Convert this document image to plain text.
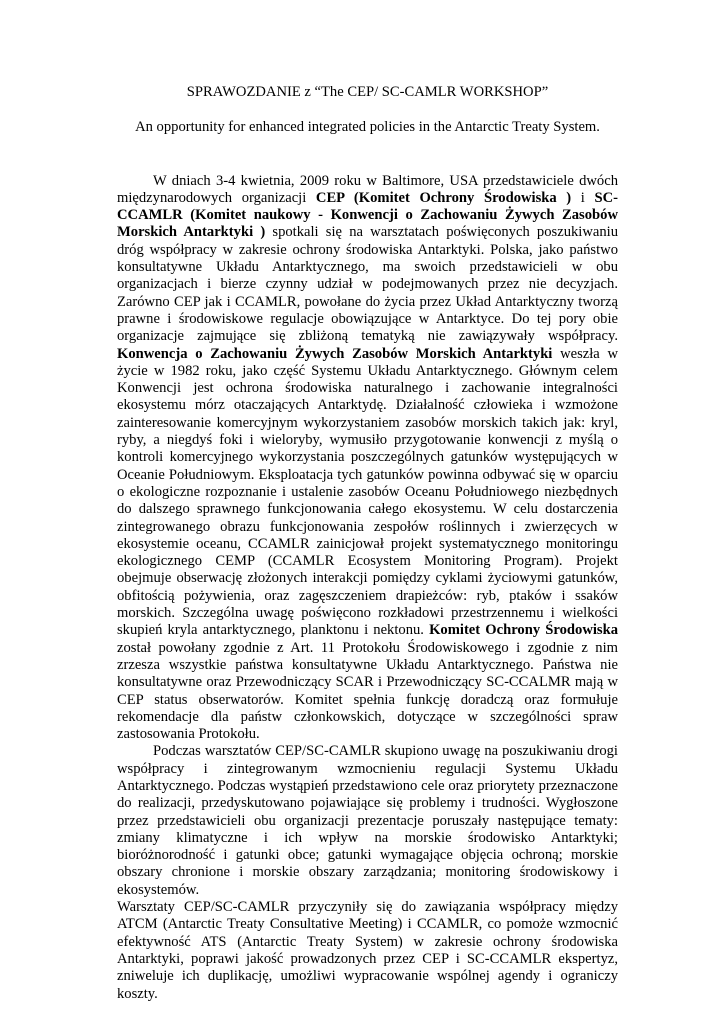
SPRAWOZDANIE z “The CEP/ SC-CAMLR WORKSHOP”

An opportunity for enhanced integrated policies in the Antarctic Treaty System.

W dniach 3-4 kwietnia, 2009 roku w Baltimore, USA przedstawiciele dwóch międzynarodowych organizacji CEP (Komitet Ochrony Środowiska ) i SC-CCAMLR (Komitet naukowy - Konwencji o Zachowaniu Żywych Zasobów Morskich Antarktyki ) spotkali się na warsztatach poświęconych poszukiwaniu dróg współpracy w zakresie ochrony środowiska Antarktyki. Polska, jako państwo konsultatywne Układu Antarktycznego, ma swoich przedstawicieli w obu organizacjach i bierze czynny udział w podejmowanych przez nie decyzjach. Zarówno CEP jak i CCAMLR, powołane do życia przez Układ Antarktyczny tworzą prawne i środowiskowe regulacje obowiązujące w Antarktyce. Do tej pory obie organizacje zajmujące się zbliżoną tematyką nie zawiązywały współpracy. Konwencja o Zachowaniu Żywych Zasobów Morskich Antarktyki weszła w życie w 1982 roku, jako część Systemu Układu Antarktycznego. Głównym celem Konwencji jest ochrona środowiska naturalnego i zachowanie integralności ekosystemu mórz otaczających Antarktydę. Działalność człowieka i wzmożone zainteresowanie komercyjnym wykorzystaniem zasobów morskich takich jak: kryl, ryby, a niegdyś foki i wieloryby, wymusiło przygotowanie konwencji z myślą o kontroli komercyjnego wykorzystania poszczególnych gatunków występujących w Oceanie Południowym. Eksploatacja tych gatunków powinna odbywać się w oparciu o ekologiczne rozpoznanie i ustalenie zasobów Oceanu Południowego niezbędnych do dalszego sprawnego funkcjonowania całego ekosystemu. W celu dostarczenia zintegrowanego obrazu funkcjonowania zespołów roślinnych i zwierzęcych w ekosystemie oceanu, CCAMLR zainicjował projekt systematycznego monitoringu ekologicznego CEMP (CCAMLR Ecosystem Monitoring Program). Projekt obejmuje obserwację złożonych interakcji pomiędzy cyklami życiowymi gatunków, obfitością pożywienia, oraz zagęszczeniem drapieżców: ryb, ptaków i ssaków morskich. Szczególna uwagę poświęcono rozkładowi przestrzennemu i wielkości skupień kryla antarktycznego, planktonu i nektonu. Komitet Ochrony Środowiska został powołany zgodnie z Art. 11 Protokołu Środowiskowego i zgodnie z nim zrzesza wszystkie państwa konsultatywne Układu Antarktycznego. Państwa nie konsultatywne oraz Przewodniczący SCAR i Przewodniczący SC-CCALMR mają w CEP status obserwatorów. Komitet spełnia funkcję doradczą oraz formułuje rekomendacje dla państw członkowskich, dotyczące w szczególności spraw zastosowania Protokołu.

Podczas warsztatów CEP/SC-CAMLR skupiono uwagę na poszukiwaniu drogi współpracy i zintegrowanym wzmocnieniu regulacji Systemu Układu Antarktycznego. Podczas wystąpień przedstawiono cele oraz priorytety przeznaczone do realizacji, przedyskutowano pojawiające się problemy i trudności. Wygłoszone przez przedstawicieli obu organizacji prezentacje poruszały następujące tematy: zmiany klimatyczne i ich wpływ na morskie środowisko Antarktyki; bioróżnorodność i gatunki obce; gatunki wymagające objęcia ochroną; morskie obszary chronione i morskie obszary zarządzania; monitoring środowiskowy i ekosystemów.

Warsztaty CEP/SC-CAMLR przyczyniły się do zawiązania współpracy między ATCM (Antarctic Treaty Consultative Meeting) i CCAMLR, co pomoże wzmocnić efektywność ATS (Antarctic Treaty System) w zakresie ochrony środowiska Antarktyki, poprawi jakość prowadzonych przez CEP i SC-CCAMLR ekspertyz, zniweluje ich duplikację, umożliwi wypracowanie wspólnej agendy i ograniczy koszty.
